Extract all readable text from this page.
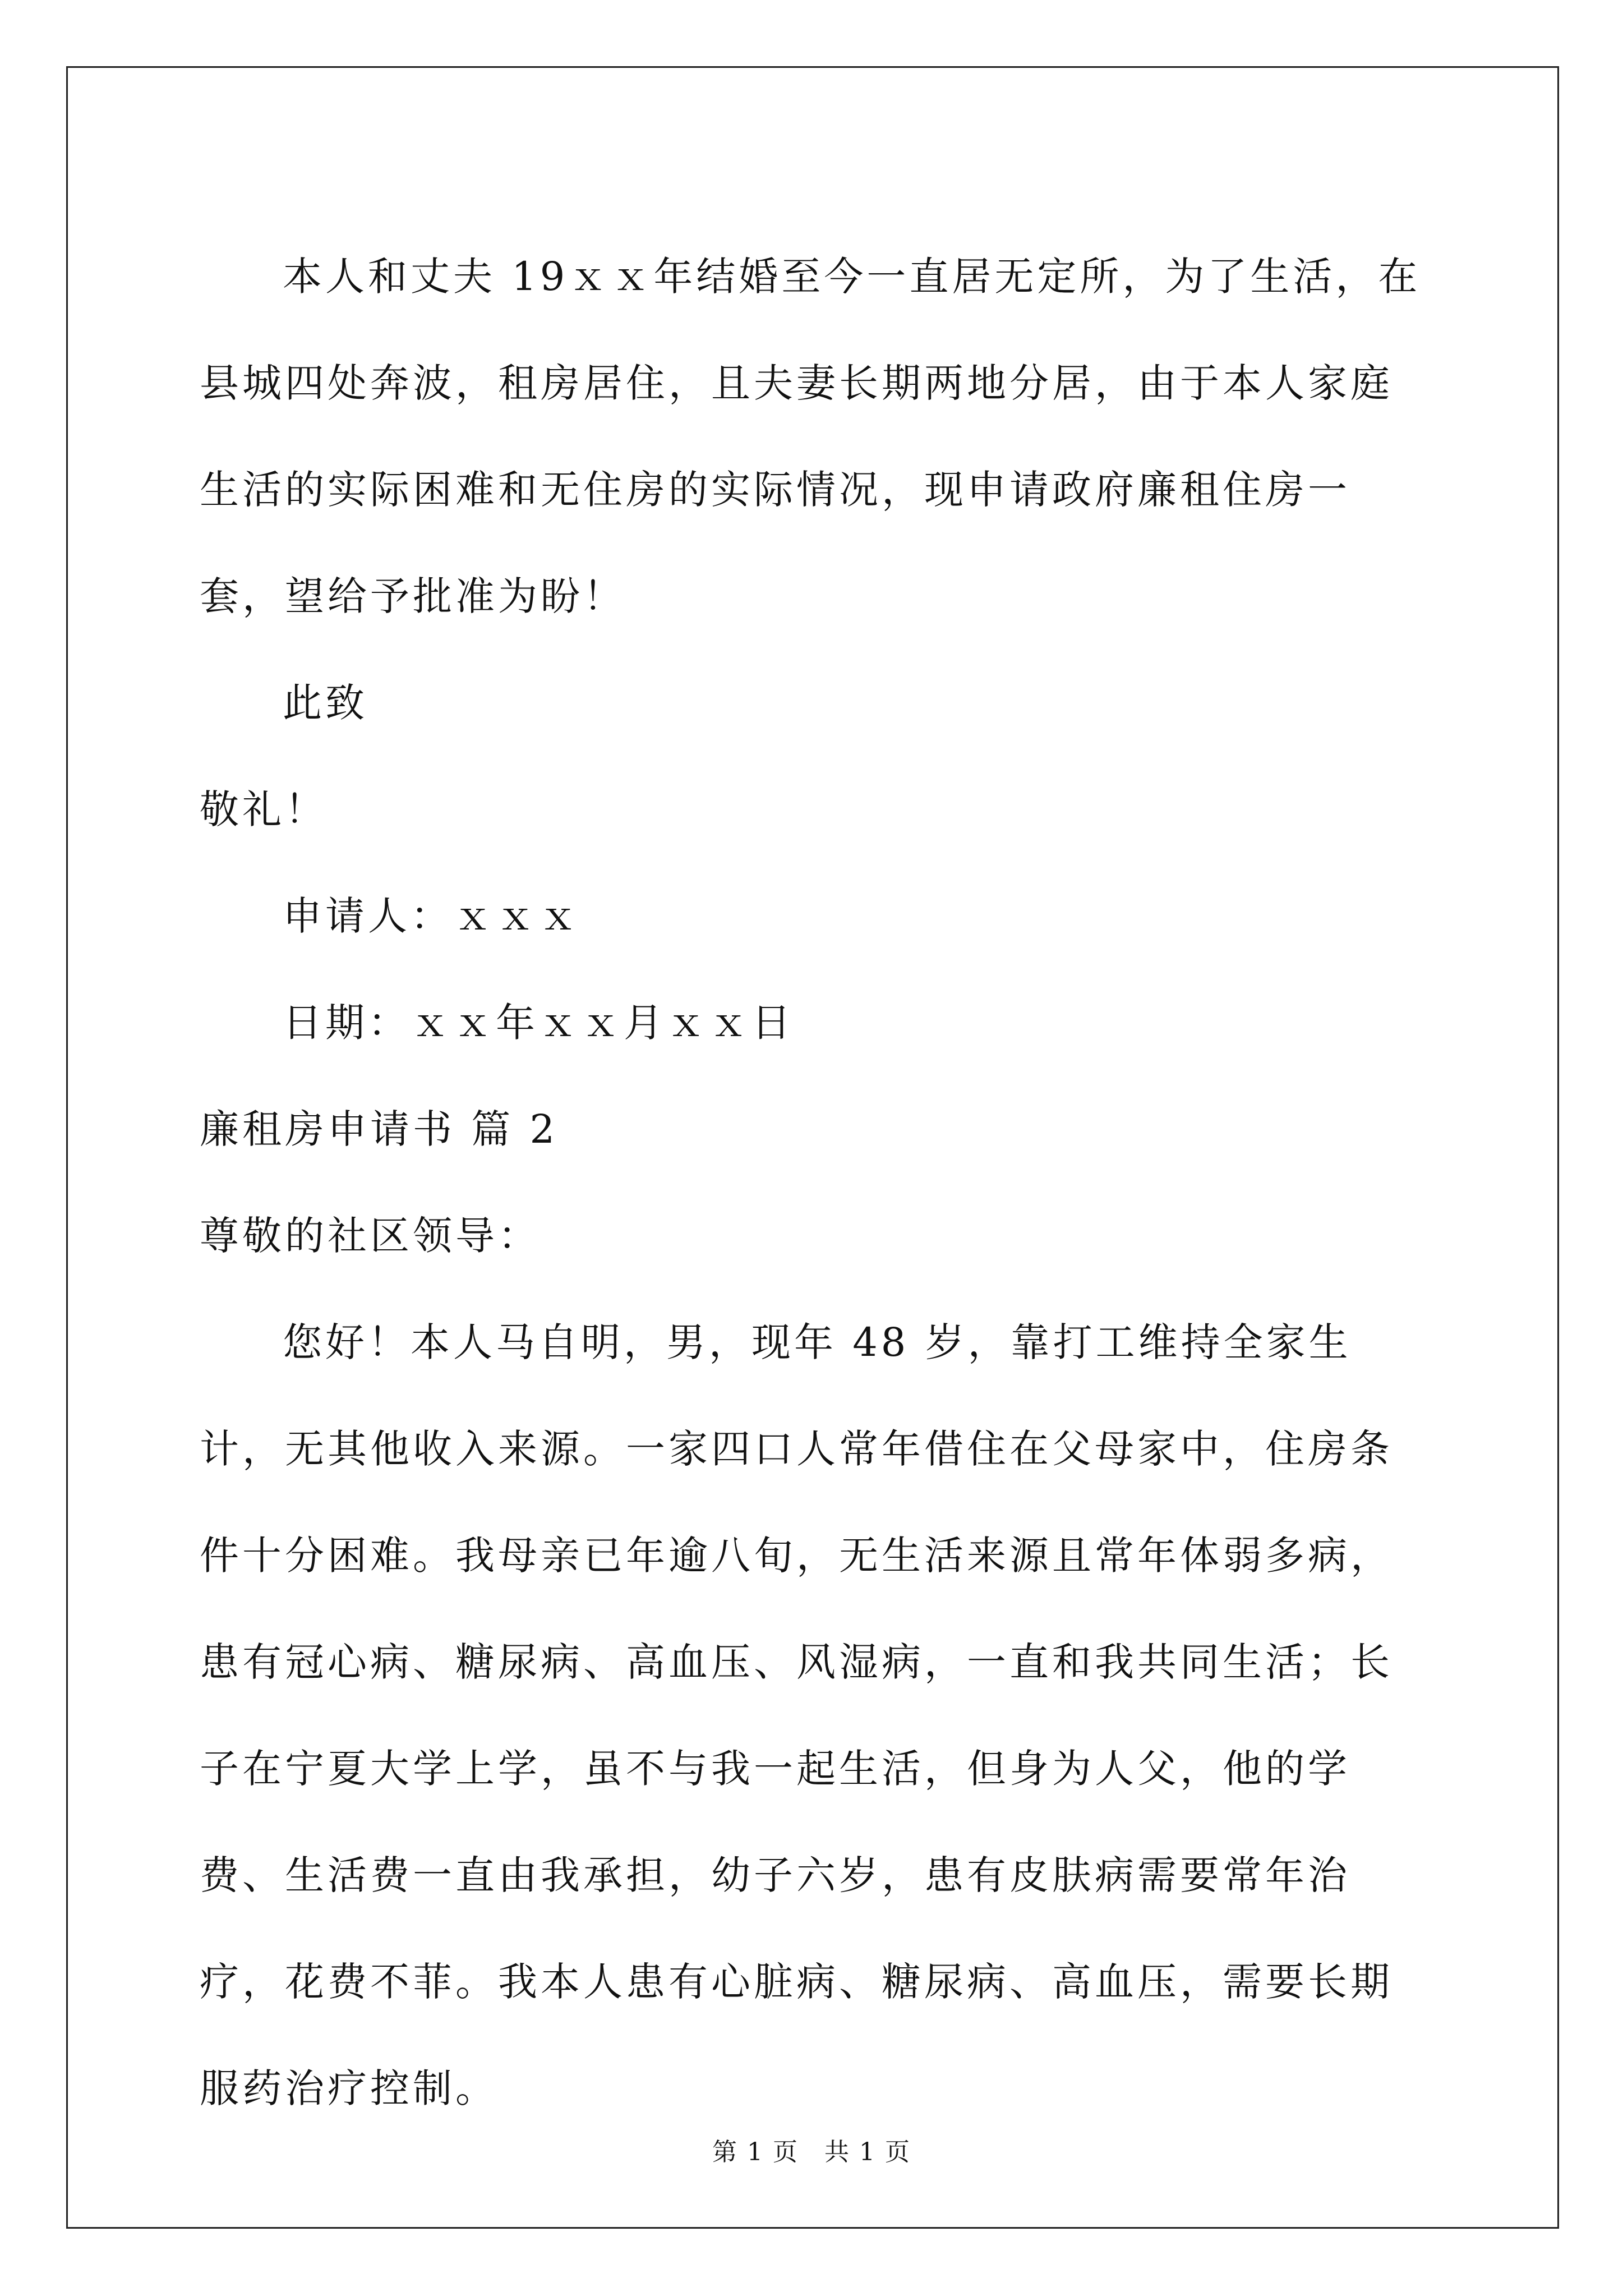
本人和丈夫 19ｘｘ年结婚至今一直居无定所，为了生活，在县城四处奔波，租房居住，且夫妻长期两地分居，由于本人家庭生活的实际困难和无住房的实际情况，现申请政府廉租住房一套，望给予批准为盼！

此致

敬礼！

申请人：ｘｘｘ

日期：ｘｘ年ｘｘ月ｘｘ日

廉租房申请书 篇 2

尊敬的社区领导：

您好！本人马自明，男，现年 48 岁，靠打工维持全家生计，无其他收入来源。一家四口人常年借住在父母家中，住房条件十分困难。我母亲已年逾八旬，无生活来源且常年体弱多病，患有冠心病、糖尿病、高血压、风湿病，一直和我共同生活；长子在宁夏大学上学，虽不与我一起生活，但身为人父，他的学费、生活费一直由我承担，幼子六岁，患有皮肤病需要常年治疗，花费不菲。我本人患有心脏病、糖尿病、高血压，需要长期服药治疗控制。

第 1 页　共 1 页
